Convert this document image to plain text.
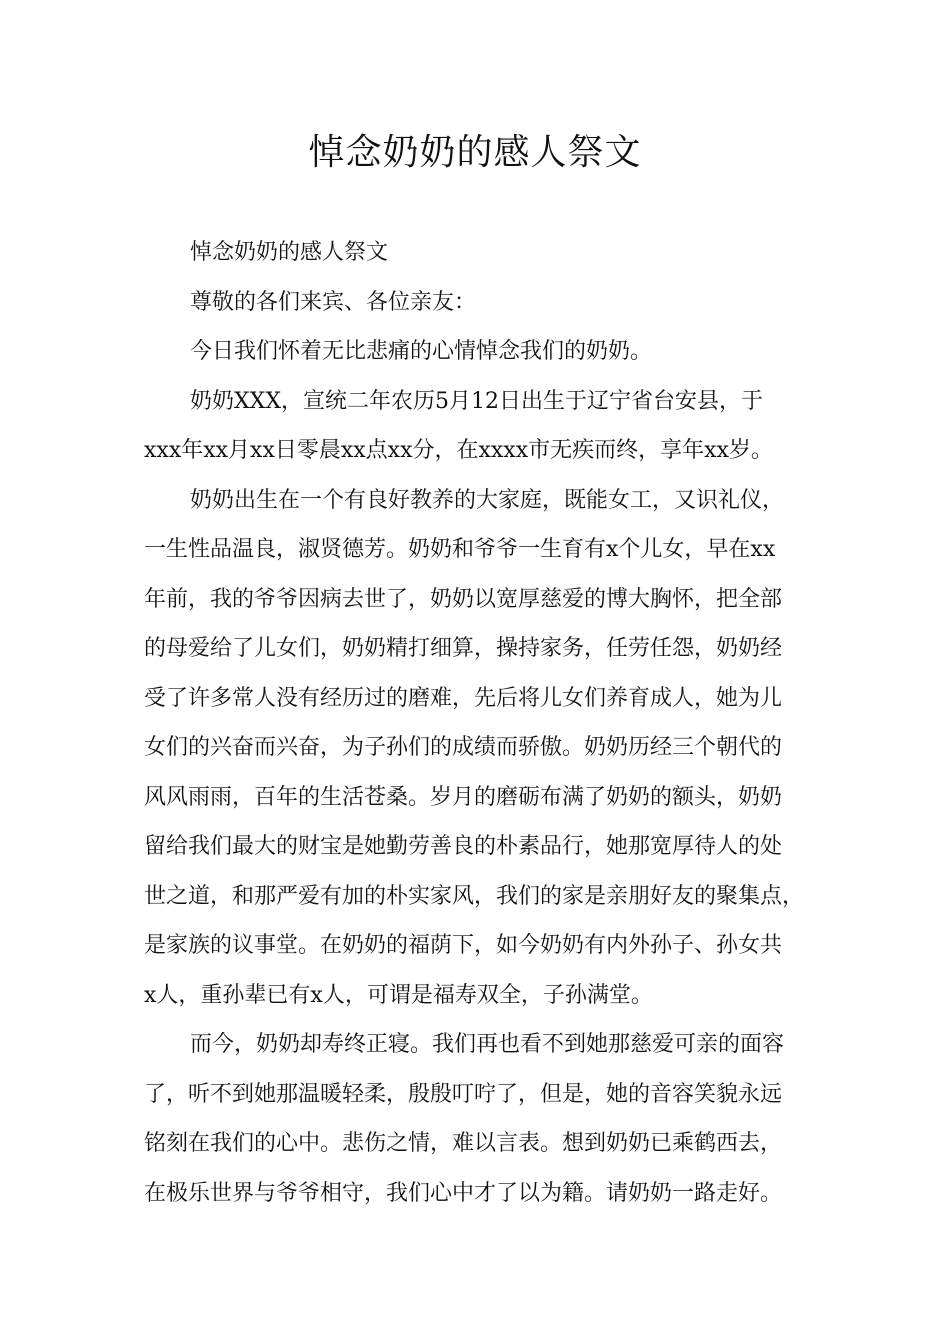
悼念奶奶的感人祭文
悼念奶奶的感人祭文
尊敬的各们来宾、各位亲友：
今日我们怀着无比悲痛的心情悼念我们的奶奶。
奶奶XXX，宣统二年农历5月12日出生于辽宁省台安县，于
xxx年xx月xx日零晨xx点xx分，在xxxx市无疾而终，享年xx岁。
奶奶出生在一个有良好教养的大家庭，既能女工，又识礼仪，
一生性品温良，淑贤德芳。奶奶和爷爷一生育有x个儿女，早在xx
年前，我的爷爷因病去世了，奶奶以宽厚慈爱的博大胸怀，把全部
的母爱给了儿女们，奶奶精打细算，操持家务，任劳任怨，奶奶经
受了许多常人没有经历过的磨难，先后将儿女们养育成人，她为儿
女们的兴奋而兴奋，为子孙们的成绩而骄傲。奶奶历经三个朝代的
风风雨雨，百年的生活苍桑。岁月的磨砺布满了奶奶的额头，奶奶
留给我们最大的财宝是她勤劳善良的朴素品行，她那宽厚待人的处
世之道，和那严爱有加的朴实家风，我们的家是亲朋好友的聚集点，
是家族的议事堂。在奶奶的福荫下，如今奶奶有内外孙子、孙女共
x人，重孙辈已有x人，可谓是福寿双全，子孙满堂。
而今，奶奶却寿终正寝。我们再也看不到她那慈爱可亲的面容
了，听不到她那温暖轻柔，殷殷叮咛了，但是，她的音容笑貌永远
铭刻在我们的心中。悲伤之情，难以言表。想到奶奶已乘鹤西去，
在极乐世界与爷爷相守，我们心中才了以为籍。请奶奶一路走好。
